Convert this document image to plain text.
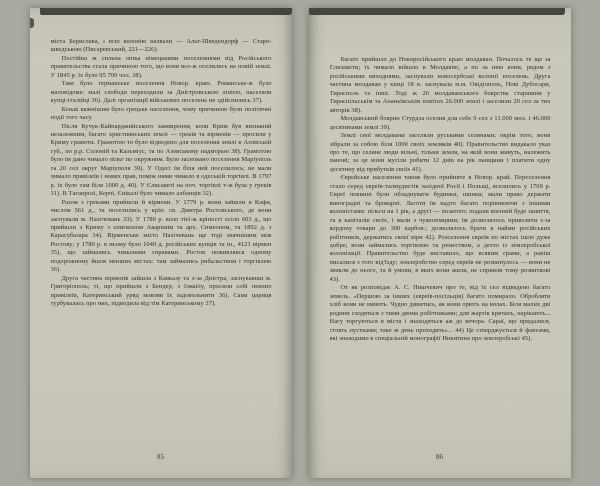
міста Берислава, і всю колонію назвали — Альт-Шведендорф — Старо-шведською (Писаревський, 221—226).

Постійна ж сильна опіка німецькими поселеннями від Російського правительства стала причиною того, що вони все-ж оселились на новій землі. У 1845 р. їх було 95 700 чол. 38).

Таке було германське поселення Новор. краю. Романське-ж було маловідоме: малі слободи переходили за Дністровською лінією, населяли купці-італійці 36). Далі організації військових поселень не здійснились 37).

Більш важнішим було грецьке населення, чому причиною були політичні події того часу.

Після Кучук-Кайнарджийського завмирення, коли Крим був визнаний незалежним, багато християнських землі — греків та вірменів — просили у Криму грамоти. Грамотою то було відведено для поселення землі в Азовській губ., по р.р. Солоній та Кальміус, та по Азовському надморью 38). Грамотою було їм дано чимало пільг по окружним. Було засновано поселення Маріуполь та 20 сел округ Маріуполя 39). У Одесі їм біля ней поселилось; не мали чимало привілеїв і нових прав, поміж ними чимало в одеській торгівлі. В 1797 р. їх було там біля 1000 д. 40). У Єлисаветі на поч. торгівлі т-ж була у греків 31). В Таганрозі, Керчі, Єнікалі було чимало албанців 32).

Разом з греками прийшли й вірмени. У 1779 р. вони зайшли в Кафи, числом 561 д., та поселились у кріп. св. Дмитра Ростовського, де вони заснували м. Нахічевань 33). У 1780 р. коло тієї-ж кріпості осіло 603 д., що прийшли з Криму з єпископом Аваріним та арх. Симеоном, та 1892 д. з Карасубазара 34). Вірменське місто Нахічевань ще тоді значнішим між Ростову; у 1780 р. в ньому було 1040 д. російських купців та ін., 4121 вірмен 35), що займались чималими справами. Ростов поживлявся одному подорожному йшов менших містах: там займались рибальством і торгівлею 36).

Друга частина вірменів зайшла з Кавказу та з-за Дністра, заснувавши м. Григоріополь; ті, що прийшли з Бендер, з Ізмаїлу, просили собі певних привілеїв, Катеринський уряд мовляв їх задовольнити 36). Сама цариця турбувалась про них, підводила від тім Катеринському 37).

85

Багато прийшло до Новоросійського краю молдаван. Почалось те ще за Єлизавети; їх чимало війшло в Молдавію, а по за нею вони, рядом з російськими виходнями, заснували новосербські колонії поселень. Друга частина молдаван у кінці 18 в. заснувала м.м. Овідіополь, Нові Дубосари, Тирасполь та інші. Тоді ж 26 молдаванського боярства старшини у Тираспільськім та Ананьївськім повітах 26.000 землі і заселили 20 сел за тих авторів 38).

Молдавський боярин Стурдза оселив для себе 9 сел з 11.000 мол. і 46.000 десятинами землі 39).

Землі свої молдавани заселяли руськими селянами; окрім того, вони зібрали за собою біля 1000 своїх земляків 40). Правительство видавало указ про те, що селяне люди вільні, тільки земля, на якій вони живуть, належить панові; за це вони мусіли робити 12 днів на рік панщини і платити одну десятину від прибутків своїх 41).

Єврейське населення також було прийняте в Новор. край. Переселення стало серед євреїв-талмудистів західної Росії і Польщі, вселились у 1769 р. Євреї повинні були обладнувати будинки, шинки; мали право держати виноградні та броварні. Льготи їм надто багато порівнюючи з іншими колоністами: пільги на 1 рік, а другі — позатого; подали воєнній буде заняття, та в капіталів своїх, і мали з чужоземцями; їм дозволялось привозити з-за кордону товари до 300 карбов.; дозволялось брати в найми російських робітників, держатись своєї віри 42). Розселення євреїв по містах ішло дуже добре; вони займались торгівлею та ремеством, а дехто із землеробської колонізації. Правительство буде виставило, що всяким грами, а раніш писалися з того від'їзду; землеробство серед євреїв не розвинулось — вони не звикли до нього, та й умови, в яких вони жили, не сприяли тому розвиткові 43).

От як розповідає А. С. Пишчевич про те, від їх сел відведено багато земель. «Першою за інших (євреїв-посільців) багато помирало. Обробляти хліб вони не вміють. Чудно дивитись, як вони орють на волах. Біля малих дві родини сходяться з тими двома робітниками; для жартів кричать, нарікають... Нагу торгуються в міста і знаходяться аж до вечора. Сараї, що придалися, стоять пустками; таке ж день проходить»... 44) Це стверджується й фактами, які знаходимо в спеціальній монографії Никитина про землеробські 45).

86
